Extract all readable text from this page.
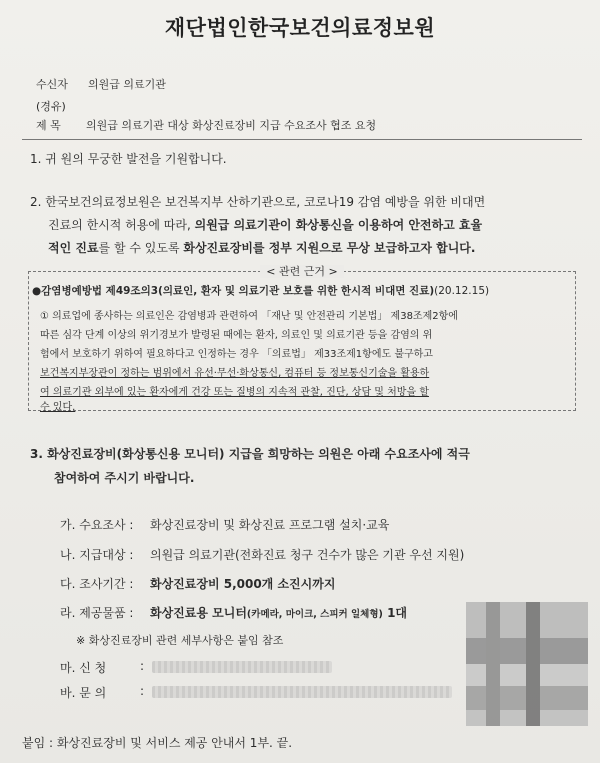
재단법인한국보건의료정보원
수신자 의원급 의료기관
(경유)
제 목 의원급 의료기관 대상 화상진료장비 지급 수요조사 협조 요청
1. 귀 원의 무궁한 발전을 기원합니다.
2. 한국보건의료정보원은 보건복지부 산하기관으로, 코로나19 감염 예방을 위한 비대면
진료의 한시적 허용에 따라, 의원급 의료기관이 화상통신을 이용하여 안전하고 효율
적인 진료를 할 수 있도록 화상진료장비를 정부 지원으로 무상 보급하고자 합니다.
< 관련 근거 >
●감염병예방법 제49조의3(의료인, 환자 및 의료기관 보호를 위한 한시적 비대면 진료)(20.12.15)
① 의료업에 종사하는 의료인은 감염병과 관련하여 「재난 및 안전관리 기본법」 제38조제2항에
따른 심각 단계 이상의 위기경보가 발령된 때에는 환자, 의료인 및 의료기관 등을 감염의 위
험에서 보호하기 위하여 필요하다고 인정하는 경우 「의료법」 제33조제1항에도 불구하고
보건복지부장관이 정하는 범위에서 유선·무선·화상통신, 컴퓨터 등 정보통신기술을 활용하
여 의료기관 외부에 있는 환자에게 건강 또는 질병의 지속적 관찰, 진단, 상담 및 처방을 할
수 있다.
3. 화상진료장비(화상통신용 모니터) 지급을 희망하는 의원은 아래 수요조사에 적극
참여하여 주시기 바랍니다.
가. 수요조사 : 화상진료장비 및 화상진료 프로그램 설치·교육
나. 지급대상 : 의원급 의료기관(전화진료 청구 건수가 많은 기관 우선 지원)
다. 조사기간 : 화상진료장비 5,000개 소진시까지
라. 제공물품 : 화상진료용 모니터(카메라, 마이크, 스피커 일체형) 1대
※ 화상진료장비 관련 세부사항은 붙임 참조
마. 신 청	:
바. 문 의	:
붙임 : 화상진료장비 및 서비스 제공 안내서 1부. 끝.
